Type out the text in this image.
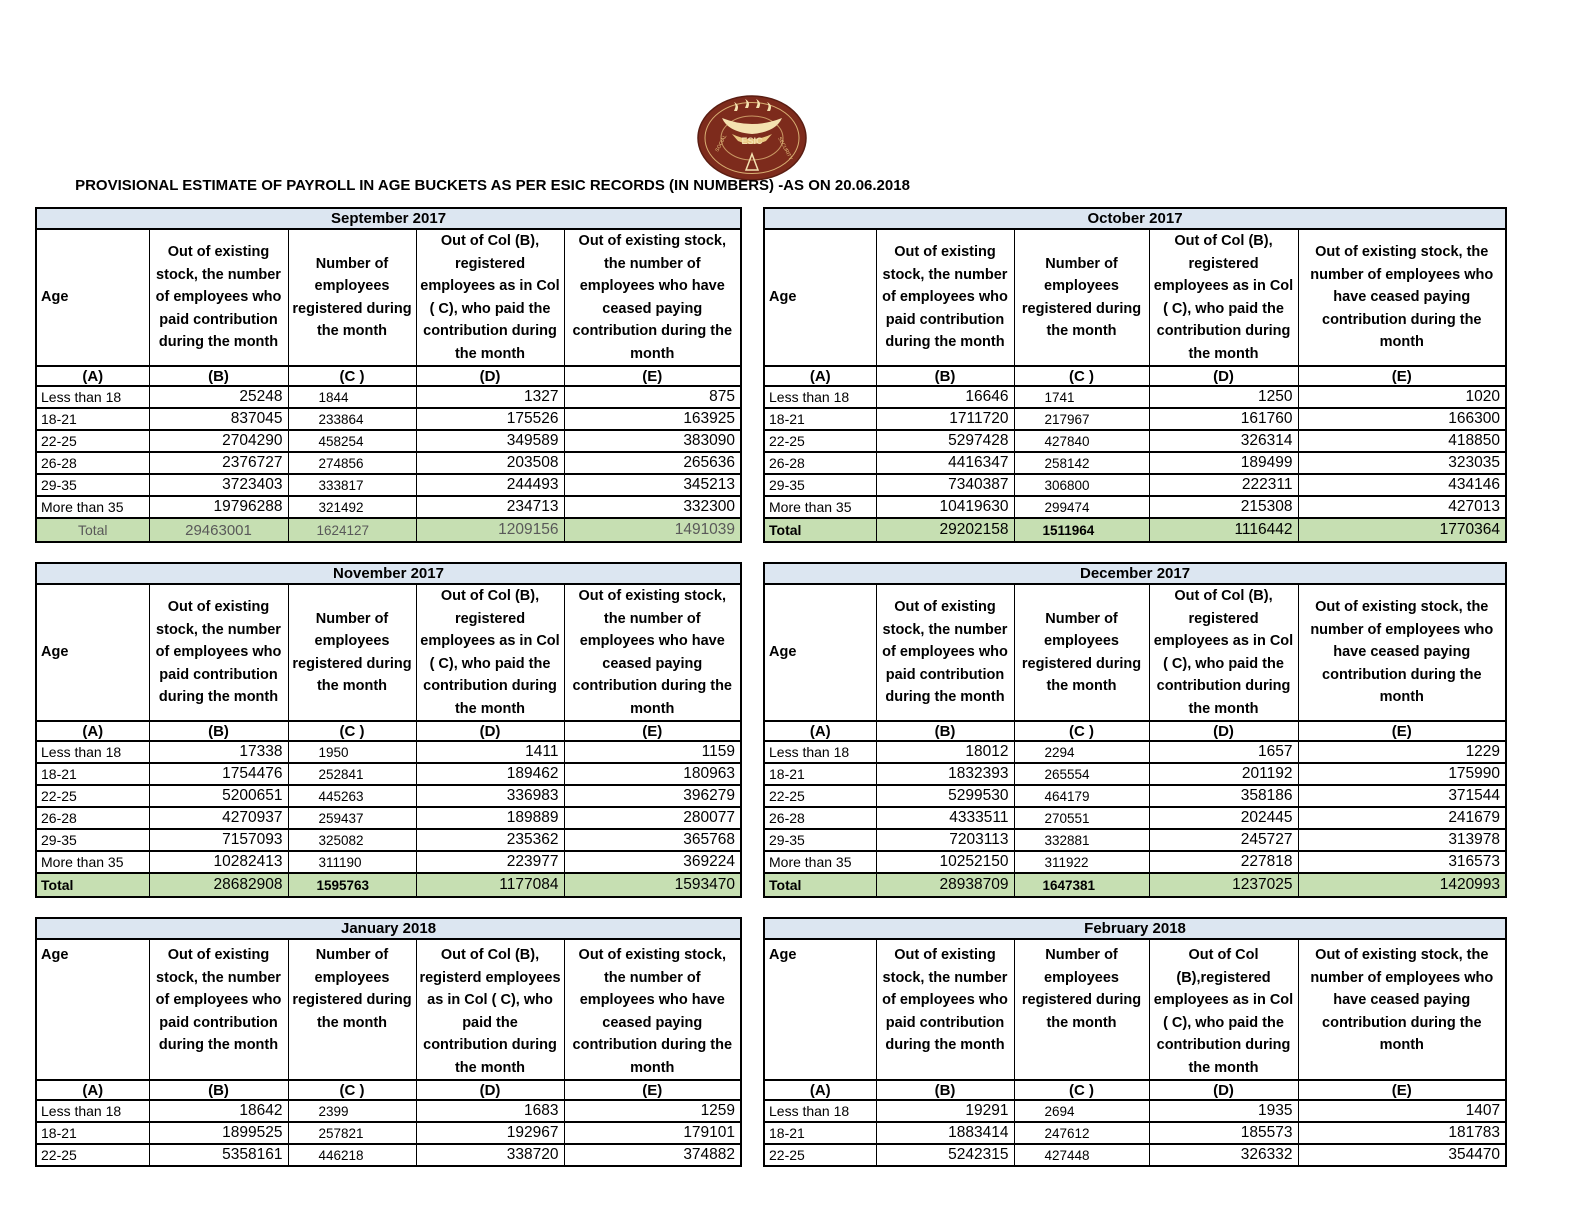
ESIC
SOCIAL	SECURITY
PROVISIONAL ESTIMATE OF PAYROLL IN AGE BUCKETS AS PER ESIC RECORDS (IN NUMBERS) -AS ON 20.06.2018
September 2017				
Age	Out of existing stock, the number of employees who paid contribution during the month	Number of employees registered during the month	Out of Col (B), registered employees as in Col ( C), who paid the contribution during the month	Out of existing stock, the number of employees who have ceased paying contribution during the month
(A)	(B)	(C )	(D)	(E)
Less than 18	25248	1844	1327	875
18-21	837045	233864	175526	163925
22-25	2704290	458254	349589	383090
26-28	2376727	274856	203508	265636
29-35	3723403	333817	244493	345213
More than 35	19796288	321492	234713	332300
Total	29463001	1624127	1209156	1491039
October 2017				
Age	Out of existing stock, the number of employees who paid contribution during the month	Number of employees registered during the month	Out of Col (B), registered employees as in Col ( C), who paid the contribution during the month	Out of existing stock, the number of employees who have ceased paying contribution during the month
(A)	(B)	(C )	(D)	(E)
Less than 18	16646	1741	1250	1020
18-21	1711720	217967	161760	166300
22-25	5297428	427840	326314	418850
26-28	4416347	258142	189499	323035
29-35	7340387	306800	222311	434146
More than 35	10419630	299474	215308	427013
Total	29202158	1511964	1116442	1770364
November 2017				
Age	Out of existing stock, the number of employees who paid contribution during the month	Number of employees registered during the month	Out of Col (B), registered employees as in Col ( C), who paid the contribution during the month	Out of existing stock, the number of employees who have ceased paying contribution during the month
(A)	(B)	(C )	(D)	(E)
Less than 18	17338	1950	1411	1159
18-21	1754476	252841	189462	180963
22-25	5200651	445263	336983	396279
26-28	4270937	259437	189889	280077
29-35	7157093	325082	235362	365768
More than 35	10282413	311190	223977	369224
Total	28682908	1595763	1177084	1593470
December 2017				
Age	Out of existing stock, the number of employees who paid contribution during the month	Number of employees registered during the month	Out of Col (B), registered employees as in Col ( C), who paid the contribution during the month	Out of existing stock, the number of employees who have ceased paying contribution during the month
(A)	(B)	(C )	(D)	(E)
Less than 18	18012	2294	1657	1229
18-21	1832393	265554	201192	175990
22-25	5299530	464179	358186	371544
26-28	4333511	270551	202445	241679
29-35	7203113	332881	245727	313978
More than 35	10252150	311922	227818	316573
Total	28938709	1647381	1237025	1420993
January 2018				
Age	Out of existing stock, the number of employees who paid contribution during the month	Number of employees registered during the month	Out of Col (B), registerd employees as in Col ( C), who paid the contribution during the month	Out of existing stock, the number of employees who have ceased paying contribution during the month
(A)	(B)	(C )	(D)	(E)
Less than 18	18642	2399	1683	1259
18-21	1899525	257821	192967	179101
22-25	5358161	446218	338720	374882
February 2018				
Age	Out of existing stock, the number of employees who paid contribution during the month	Number of employees registered during the month	Out of Col (B),registered employees as in Col ( C), who paid the contribution during the month	Out of existing stock, the number of employees who have ceased paying contribution during the month
(A)	(B)	(C )	(D)	(E)
Less than 18	19291	2694	1935	1407
18-21	1883414	247612	185573	181783
22-25	5242315	427448	326332	354470
